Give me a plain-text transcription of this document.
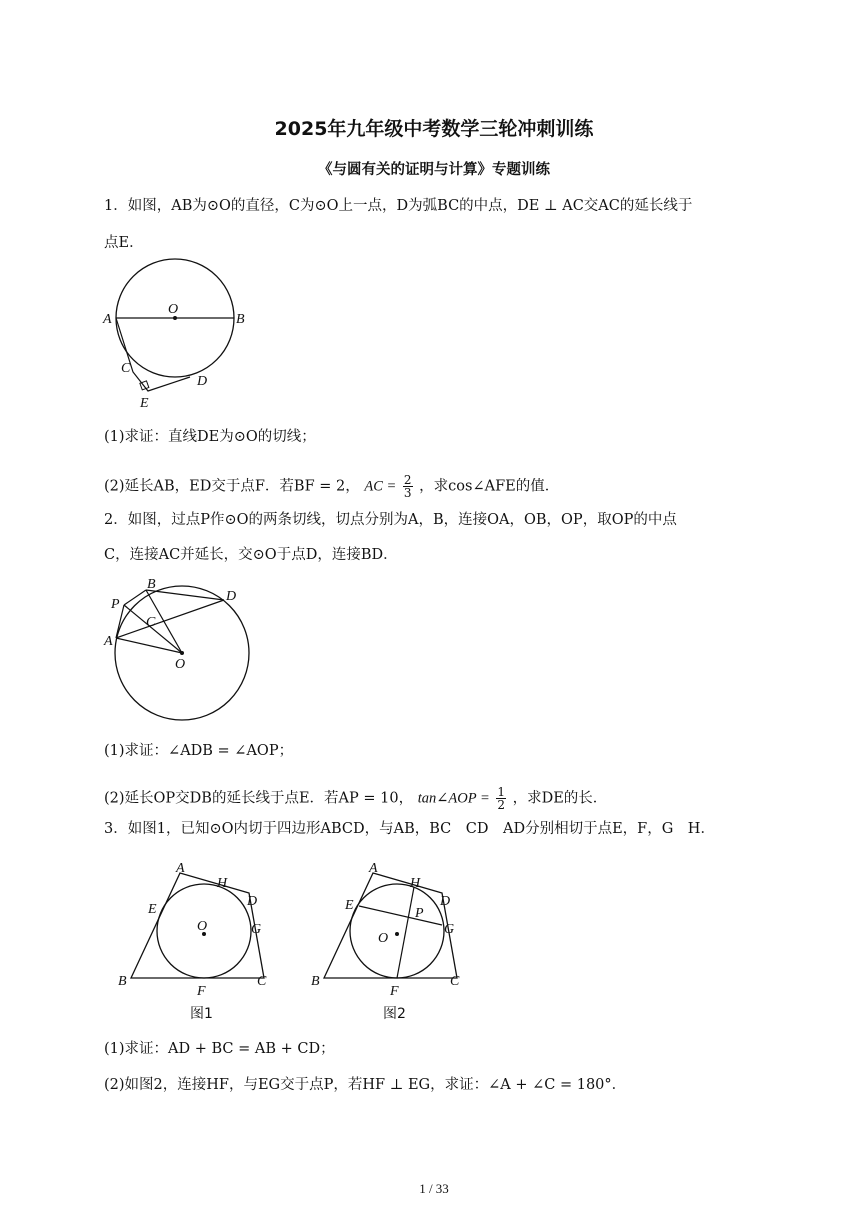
2025年九年级中考数学三轮冲刺训练
《与圆有关的证明与计算》专题训练
1．如图，AB为⊙O的直径，C为⊙O上一点，D为弧BC的中点，DE ⊥ AC交AC的延长线于
点E．
A
O
B
C
D
E
(1)求证：直线DE为⊙O的切线；
(2)延长AB，ED交于点F．若BF = 2， AC = $\frac{2}{3}$ ，求cos∠AFE的值．
2．如图，过点P作⊙O的两条切线，切点分别为A，B，连接OA，OB，OP，取OP的中点
C，连接AC并延长，交⊙O于点D，连接BD．
B
D
P
C
A
O
(1)求证：∠ADB = ∠AOP；
(2)延长OP交DB的延长线于点E．若AP = 10， tan∠AOP = $\frac{1}{2}$ ，求DE的长．
3．如图1，已知⊙O内切于四边形ABCD，与AB，BC　CD　AD分别相切于点E，F，G　H．
A
H
D
E
O	G
B
F
C
图1
A
H
D
E
P
O
G
B
F
C
图2
(1)求证：AD + BC = AB + CD；
(2)如图2，连接HF，与EG交于点P，若HF ⊥ EG，求证：∠A + ∠C = 180°．
1 / 33
